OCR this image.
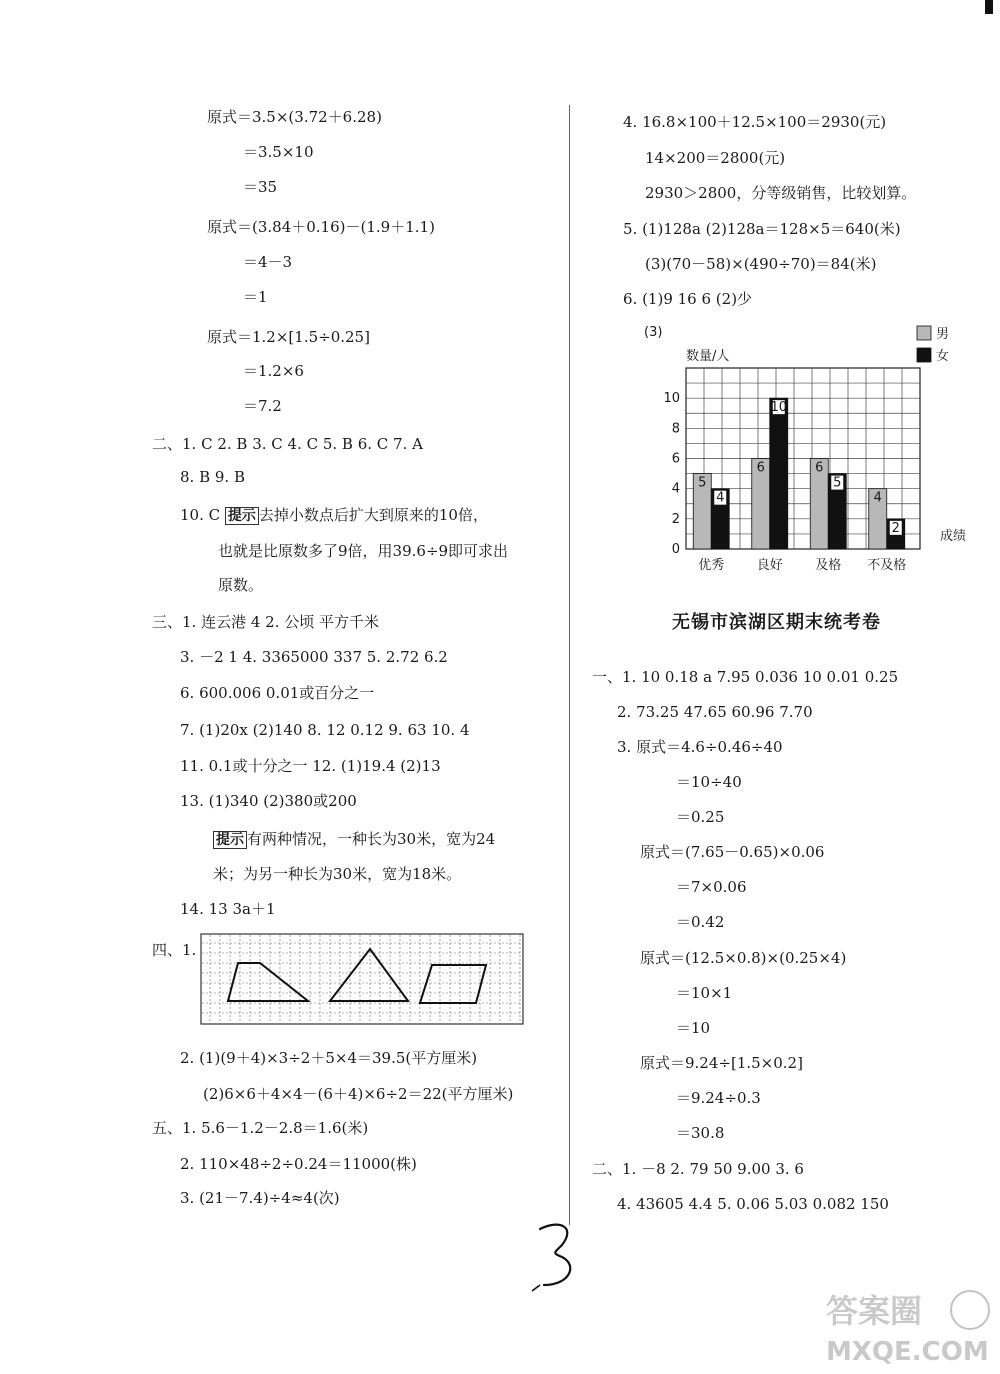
原式＝3.5×(3.72＋6.28)
＝3.5×10
＝35
原式＝(3.84＋0.16)－(1.9＋1.1)
＝4－3
＝1
原式＝1.2×[1.5÷0.25]
＝1.2×6
＝7.2
二、1. C 2. B 3. C 4. C 5. B 6. C 7. A
8. B 9. B
10. C 提示 去掉小数点后扩大到原来的10倍，
也就是比原数多了9倍，用39.6÷9即可求出
原数。
三、1. 连云港 4 2. 公顷 平方千米
3. －2 1 4. 3365000 337 5. 2.72 6.2
6. 600.006 0.01或百分之一
7. (1)20x (2)140 8. 12 0.12 9. 63 10. 4
11. 0.1或十分之一 12. (1)19.4 (2)13
13. (1)340 (2)380或200
提示 有两种情况，一种长为30米，宽为24
米；为另一种长为30米，宽为18米。
14. 13 3a＋1
四、1.
2. (1)(9＋4)×3÷2＋5×4＝39.5(平方厘米)
(2)6×6＋4×4－(6＋4)×6÷2＝22(平方厘米)
五、1. 5.6－1.2－2.8＝1.6(米)
2. 110×48÷2÷0.24＝11000(株)
3. (21－7.4)÷4≈4(次)
4. 16.8×100＋12.5×100＝2930(元)
14×200＝2800(元)
2930＞2800，分等级销售，比较划算。
5. (1)128a (2)128a＝128×5＝640(米)
(3)(70－58)×(490÷70)＝84(米)
6. (1)9 16 6 (2)少
(3)
数量/人
5
4
6
10
6
5
4
2
0
2
4
6
8
10
优秀 良好 及格 不及格
成绩
男
女
无锡市滨湖区期末统考卷
一、1. 10 0.18 a 7.95 0.036 10 0.01 0.25
2. 73.25 47.65 60.96 7.70
3. 原式＝4.6÷0.46÷40
＝10÷40
＝0.25
原式＝(7.65－0.65)×0.06
＝7×0.06
＝0.42
原式＝(12.5×0.8)×(0.25×4)
＝10×1
＝10
原式＝9.24÷[1.5×0.2]
＝9.24÷0.3
＝30.8
二、1. －8 2. 79 50 9.00 3. 6
4. 43605 4.4 5. 0.06 5.03 0.082 150
答案圈
MXQE.COM
